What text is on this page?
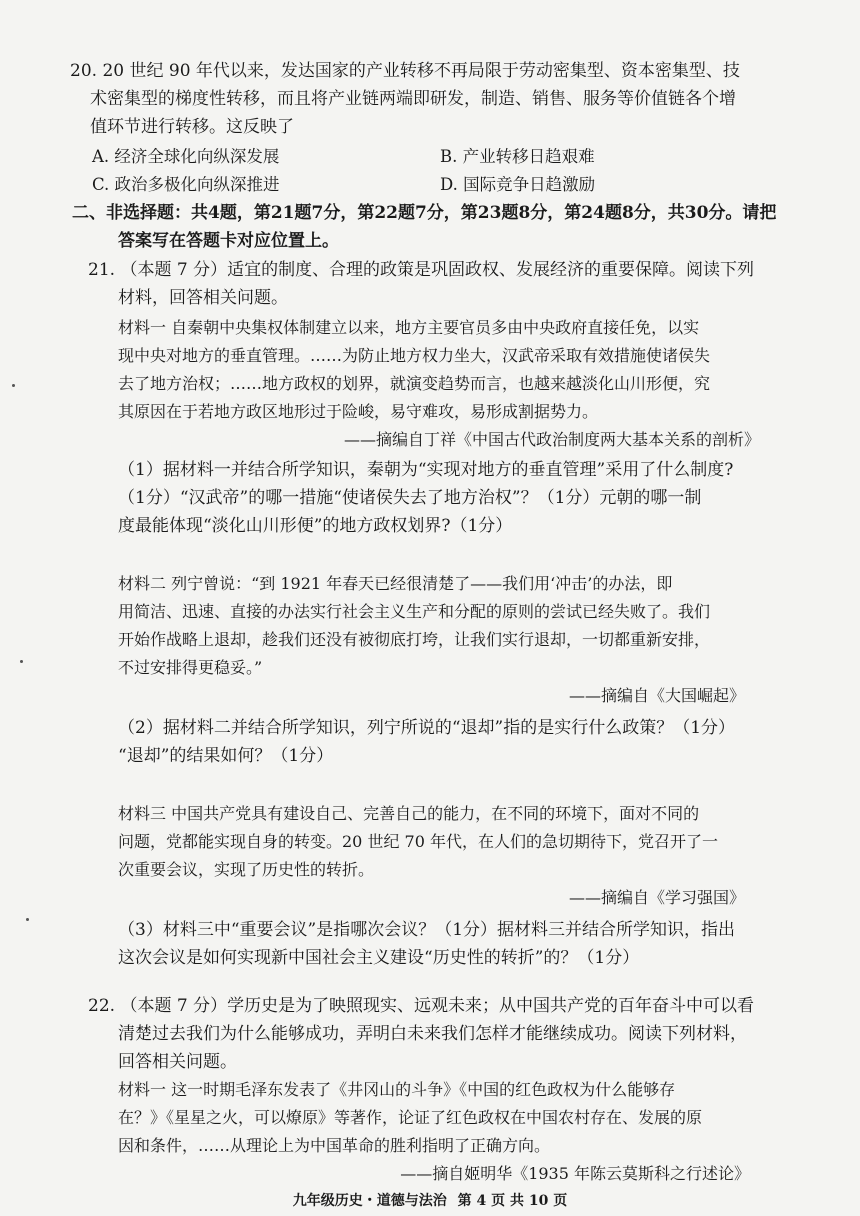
20. 20 世纪 90 年代以来，发达国家的产业转移不再局限于劳动密集型、资本密集型、技
术密集型的梯度性转移，而且将产业链两端即研发，制造、销售、服务等价值链各个增
值环节进行转移。这反映了
A. 经济全球化向纵深发展	B. 产业转移日趋艰难
C. 政治多极化向纵深推进	D. 国际竞争日趋激励
二、非选择题：共4题，第21题7分，第22题7分，第23题8分，第24题8分，共30分。请把
答案写在答题卡对应位置上。
21. （本题 7 分）适宜的制度、合理的政策是巩固政权、发展经济的重要保障。阅读下列
材料，回答相关问题。
材料一 自秦朝中央集权体制建立以来，地方主要官员多由中央政府直接任免，以实
现中央对地方的垂直管理。……为防止地方权力坐大，汉武帝采取有效措施使诸侯失
去了地方治权；……地方政权的划界，就演变趋势而言，也越来越淡化山川形便，究
其原因在于若地方政区地形过于险峻，易守难攻，易形成割据势力。
——摘编自丁祥《中国古代政治制度两大基本关系的剖析》
（1）据材料一并结合所学知识，秦朝为“实现对地方的垂直管理”采用了什么制度?
（1分）“汉武帝”的哪一措施“使诸侯失去了地方治权”？（1分）元朝的哪一制
度最能体现“淡化山川形便”的地方政权划界?（1分）
材料二 列宁曾说：“到 1921 年春天已经很清楚了——我们用‘冲击’的办法，即
用简洁、迅速、直接的办法实行社会主义生产和分配的原则的尝试已经失败了。我们
开始作战略上退却，趁我们还没有被彻底打垮，让我们实行退却，一切都重新安排，
不过安排得更稳妥。”
——摘编自《大国崛起》
（2）据材料二并结合所学知识，列宁所说的“退却”指的是实行什么政策？（1分）
“退却”的结果如何？（1分）
材料三 中国共产党具有建设自己、完善自己的能力，在不同的环境下，面对不同的
问题，党都能实现自身的转变。20 世纪 70 年代，在人们的急切期待下，党召开了一
次重要会议，实现了历史性的转折。
——摘编自《学习强国》
（3）材料三中“重要会议”是指哪次会议？（1分）据材料三并结合所学知识，指出
这次会议是如何实现新中国社会主义建设“历史性的转折”的？（1分）
22. （本题 7 分）学历史是为了映照现实、远观未来；从中国共产党的百年奋斗中可以看
清楚过去我们为什么能够成功，弄明白未来我们怎样才能继续成功。阅读下列材料，
回答相关问题。
材料一 这一时期毛泽东发表了《井冈山的斗争》《中国的红色政权为什么能够存
在？》《星星之火，可以燎原》等著作，论证了红色政权在中国农村存在、发展的原
因和条件，……从理论上为中国革命的胜利指明了正确方向。
——摘自姬明华《1935 年陈云莫斯科之行述论》
九年级历史・道德与法治 第 4 页 共 10 页
